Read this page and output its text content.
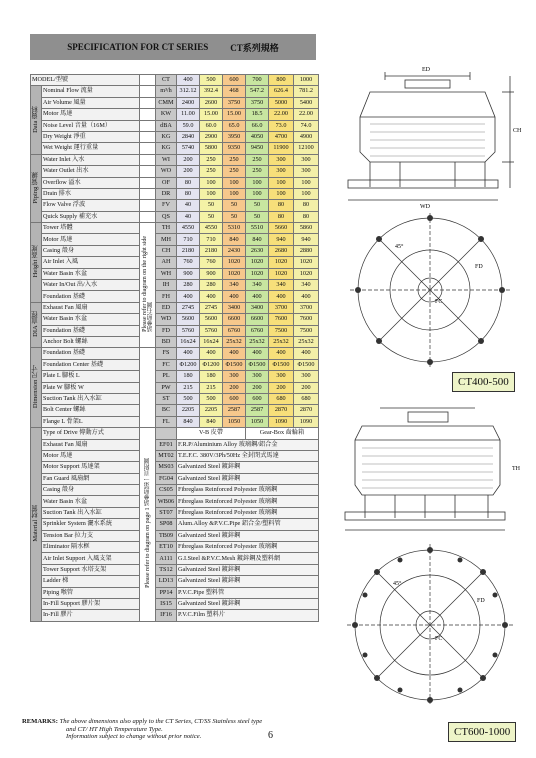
SPECIFICATION FOR CT SERIES CT系列規格
MODEL/型號			CT	400	500	600	700	800	1000
Data 資料	Nominal Flow 流量		m³/h	312.12	392.4	468	547.2	626.4	781.2
	Air Volume 風量		CMM	2400	2600	3750	3750	5000	5400
	Motor 馬達		KW	11.00	15.00	15.00	18.5	22.00	22.00
	Noise Level 音量（16M）		dBA	59.0	60.0	65.0	66.0	73.0	74.0
	Dry Weight 淨重		KG	2840	2900	3950	4050	4700	4900
	Wet Weight 運行重量		KG	5740	5800	9350	9450	11900	12100
Piping 管線	Water Inlet 入水		WI	200	250	250	250	300	300
	Water Outlet 出水		WO	200	250	250	250	300	300
	Overflow 溢水		OF	80	100	100	100	100	100
	Drain 排水		DR	80	100	100	100	100	100
	Flow Valve 浮波		FV	40	50	50	50	80	80
	Quick Supply 補充水		QS	40	50	50	50	80	80
Height 高度	Tower 塔體	Please refer to diagram on the right side請參照右圖	TH	4550	4550	5310	5510	5660	5860
	Motor 馬達		MH	710	710	840	840	940	940
	Casing 殼身		CH	2180	2180	2430	2630	2680	2880
	Air Inlet 入風		AH	760	760	1020	1020	1020	1020
	Water Basin 水盆		WH	900	900	1020	1020	1020	1020
	Water In/Out 出/入水		IH	280	280	340	340	340	340
	Foundation 基礎		FH	400	400	400	400	400	400
DIA 直徑	Exhaust Fan 風扇		ED	2745	2745	3400	3400	3700	3700
	Water Basin 水盆		WD	5600	5600	6600	6600	7600	7600
	Foundation 基礎		FD	5760	5760	6760	6760	7500	7500
	Anchor Bolt 螺絲		BD	16x24	16x24	25x32	25x32	25x32	25x32
Dimension 尺寸	Foundation 基礎		FS	400	400	400	400	400	400
	Foundation Center 基礎		FC	Φ1200	Φ1200	Φ1500	Φ1500	Φ1500	Φ1500
	Plate L 腳板 L		PL	180	180	300	300	300	300
	Plate W 腳板 W		PW	215	215	200	200	200	200
	Suction Tank 出入水缸		ST	500	500	600	600	680	680
	Bolt Center 螺絲		BC	2205	2205	2587	2587	2870	2870
	Flange L 骨架L		FL	840	840	1050	1050	1090	1090
Material 材質	Type of Drive 傳動方式	Please refer to diagram on page 1 請參照第一頁附圖		V-B 皮帶			Gear-Box 齒輪箱		
	Exhaust Fan 風扇		EF01	F.R.P/Aluminium Alloy 玻璃鋼/鋁合金					
	Motor 馬達		MT02	T.E.F.C. 380V/3Ph/50Hz 全封閉式馬達					
	Motor Support 馬達架		MS03	Galvanized Steel 鍍鋅鋼					
	Fan Guard 風扇網		FG04	Galvanized Steel 鍍鋅鋼					
	Casing 殼身		CS05	Fibreglass Reinforced Polyester 玻璃鋼					
	Water Basin 水盆		WB06	Fibreglass Reinforced Polyester 玻璃鋼					
	Suction Tank 出入水缸		ST07	Fibreglass Reinforced Polyester 玻璃鋼					
	Sprinkler System 灑水系統		SP08	Alum.Alloy &P.V.C.Pipe 鋁合金/塑料管					
	Tension Bar 拉力支		TB09	Galvanized Steel 鍍鋅鋼					
	Eliminator 隔水框		ET10	Fibreglass Reinforced Polyester 玻璃鋼					
	Air Inlet Support 入風支架		A111	G.I.Steel &P.V.C.Mesh 鍍鋅鋼及塑料網					
	Tower Support 水塔支架		TS12	Galvanized Steel 鍍鋅鋼					
	Ladder 梯		LD13	Galvanized Steel 鍍鋅鋼					
	Piping 喉管		PP14	P.V.C.Pipe 塑料管					
	In-Fill Support 膠片架		IS15	Galvanized Steel 鍍鋅鋼					
	In-Fill 膠片		IF16	P.V.C.Film 塑料片					
REMARKS: The above dimensions also apply to the CT Series, CT/SS Stainless steel type
and CT/ HT High Temperature Type.
Information subject to change without prior notice.	6
ED
CH
WD
45°
FD
FC
CT400-500
TH
45°
FD
FC
CT600-1000
